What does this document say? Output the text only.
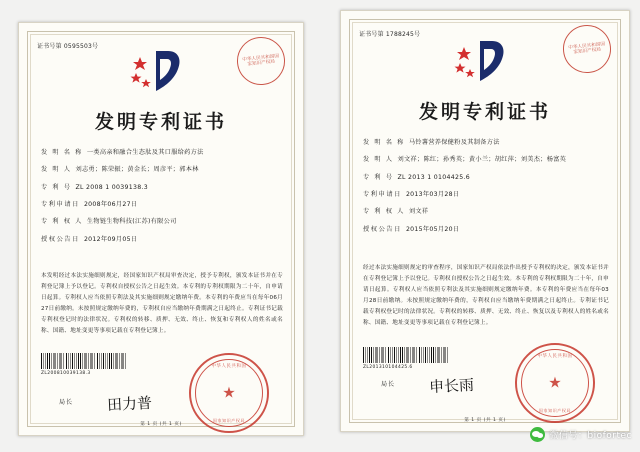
证书号第 0595503号
中华人民共和国国家知识产权局
发明专利证书
发 明 名 称 一类高亲和融合生态肽及其口服给药方法
发 明 人 刘志勇；陈荣振；黄金长；周彦平；郭本林
专 利 号 ZL 2008 1 0039138.3
专利申请日 2008年06月27日
专 利 权 人 生物链生物科技(江苏)有限公司
授权公告日 2012年09月05日
本发明经过本法实施细则规定，经国家知识产权局审查决定，授予专利权，颁发本证书并在专利登记簿上予以登记。专利权自授权公告之日起生效。本专利的专利权期限为二十年，自申请日起算。专利权人应当依照专利法及其实施细则规定缴纳年费。本专利的年费应当在每年06月27日前缴纳。未按照规定缴纳年费的，专利权自应当缴纳年费期满之日起终止。专利证书记载专利权登记时的法律状况。专利权的转移、质押、无效、终止、恢复和专利权人的姓名或名称、国籍、地址变更等事项记载在专利登记簿上。
ZL200810039138.3
局长 田力普
中华人民共和国
★
国家知识产权局
第 1 页 (共 1 页)
证书号第 1788245号
中华人民共和国国家知识产权局
发明专利证书
发 明 名 称 马铃薯营养保健粉及其制备方法
发 明 人 刘文祥；陈红；孙秀英；黄小兰；胡红萍；刘美杰；杨富英
专 利 号 ZL 2013 1 0104425.6
专利申请日 2013年03月28日
专 利 权 人 刘文祥
授权公告日 2015年05月20日
经过本法实施细则规定的审查程序，国家知识产权局依法作出授予专利权的决定，颁发本证书并在专利登记簿上予以登记。专利权自授权公告之日起生效。本专利的专利权期限为二十年，自申请日起算。专利权人应当依照专利法及其实施细则规定缴纳年费。本专利的年费应当在每年03月28日前缴纳。未按照规定缴纳年费的，专利权自应当缴纳年费期满之日起终止。专利证书记载专利权登记时的法律状况。专利权的转移、质押、无效、终止、恢复以及专利权人的姓名或名称、国籍、地址变更等事项记载在专利登记簿上。
ZL201310104425.6
局长 申长雨
中华人民共和国
★
国家知识产权局
第 1 页 (共 1 页)
微信号：biofortec
